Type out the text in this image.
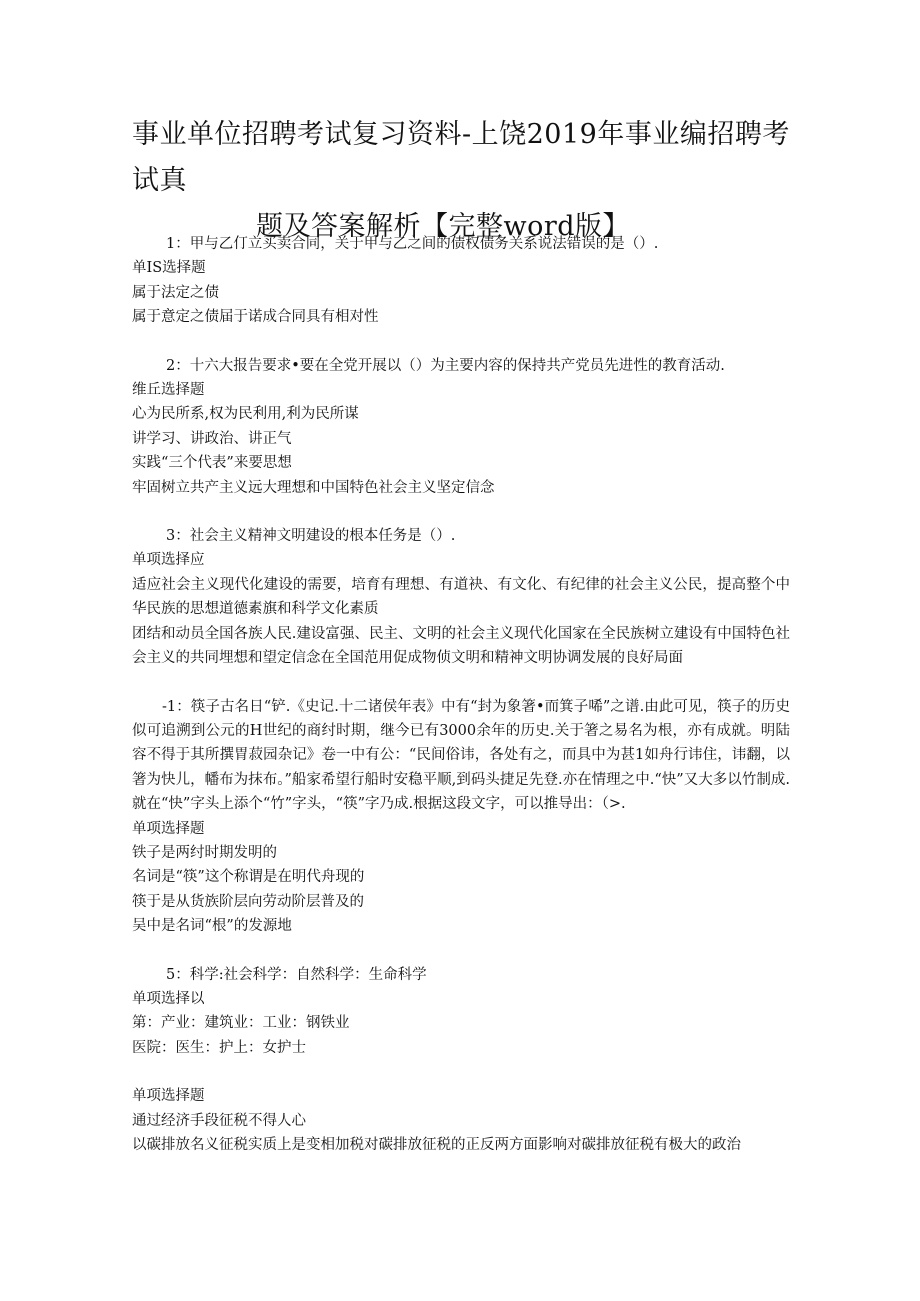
事业单位招聘考试复习资料-上饶2019年事业编招聘考试真
题及答案解析【完整word版】

1：甲与乙仃立买卖合同，关于甲与乙之间的债权债务关系说法错误的是（）.

单IS选择题

属于法定之债

属于意定之债届于诺成合同具有相对性

2：十六大报告要求•要在全党开展以（）为主要内容的保持共产党员先进性的教育活动.

维丘选择题

心为民所系,权为民利用,利为民所谋

讲学习、讲政治、讲正气

实践“三个代表”来要思想

牢固树立共产主义远大理想和中国特色社会主义坚定信念

3：社会主义精神文明建设的根本任务是（）.

单项选择应

适应社会主义现代化建设的需要，培育有理想、有道袂、有文化、有纪律的社会主义公民，提高整个中华民族的思想道德素旗和科学文化素质

团结和动员全国各族人民.建设富强、民主、文明的社会主义现代化国家在全民族树立建设有中国特色社会主义的共同埋想和望定信念在全国范用促成物侦文明和精神文明协调发展的良好局面

-1：筷子古名日“铲.《史记.十二诸侯年表》中有“封为象箸•而箕子唏”之谱.由此可见，筷子的历史似可追溯到公元的H世纪的商纣时期，继今已有3000余年的历史.关于箸之易名为根，亦有成就。明陆容不得于其所撰胃菽园杂记》卷一中有公：“民间俗讳，各处有之，而具中为甚1如舟行讳住，讳翻，以箸为快儿，幡布为抹布。”船家希望行船时安稳平顺,到码头捷足先登.亦在情理之中.“快”又大多以竹制成.就在“快”字头上添个“竹”字头，“筷”字乃成.根据这段文字，可以推导出：（>.

单项选择题

铁子是两纣时期发明的

名词是“筷”这个称谓是在明代舟现的

筷于是从货族阶层向劳动阶层普及的

吴中是名词“根”的发源地

5：科学:社会科学：自然科学：生命科学

单项选择以

第：产业：建筑业：工业：钢铁业

医院：医生：护上：女护士

单项选择题

通过经济手段征税不得人心

以碳排放名义征税实质上是变相加税对碳排放征税的正反两方面影响对碳排放征税有极大的政治
